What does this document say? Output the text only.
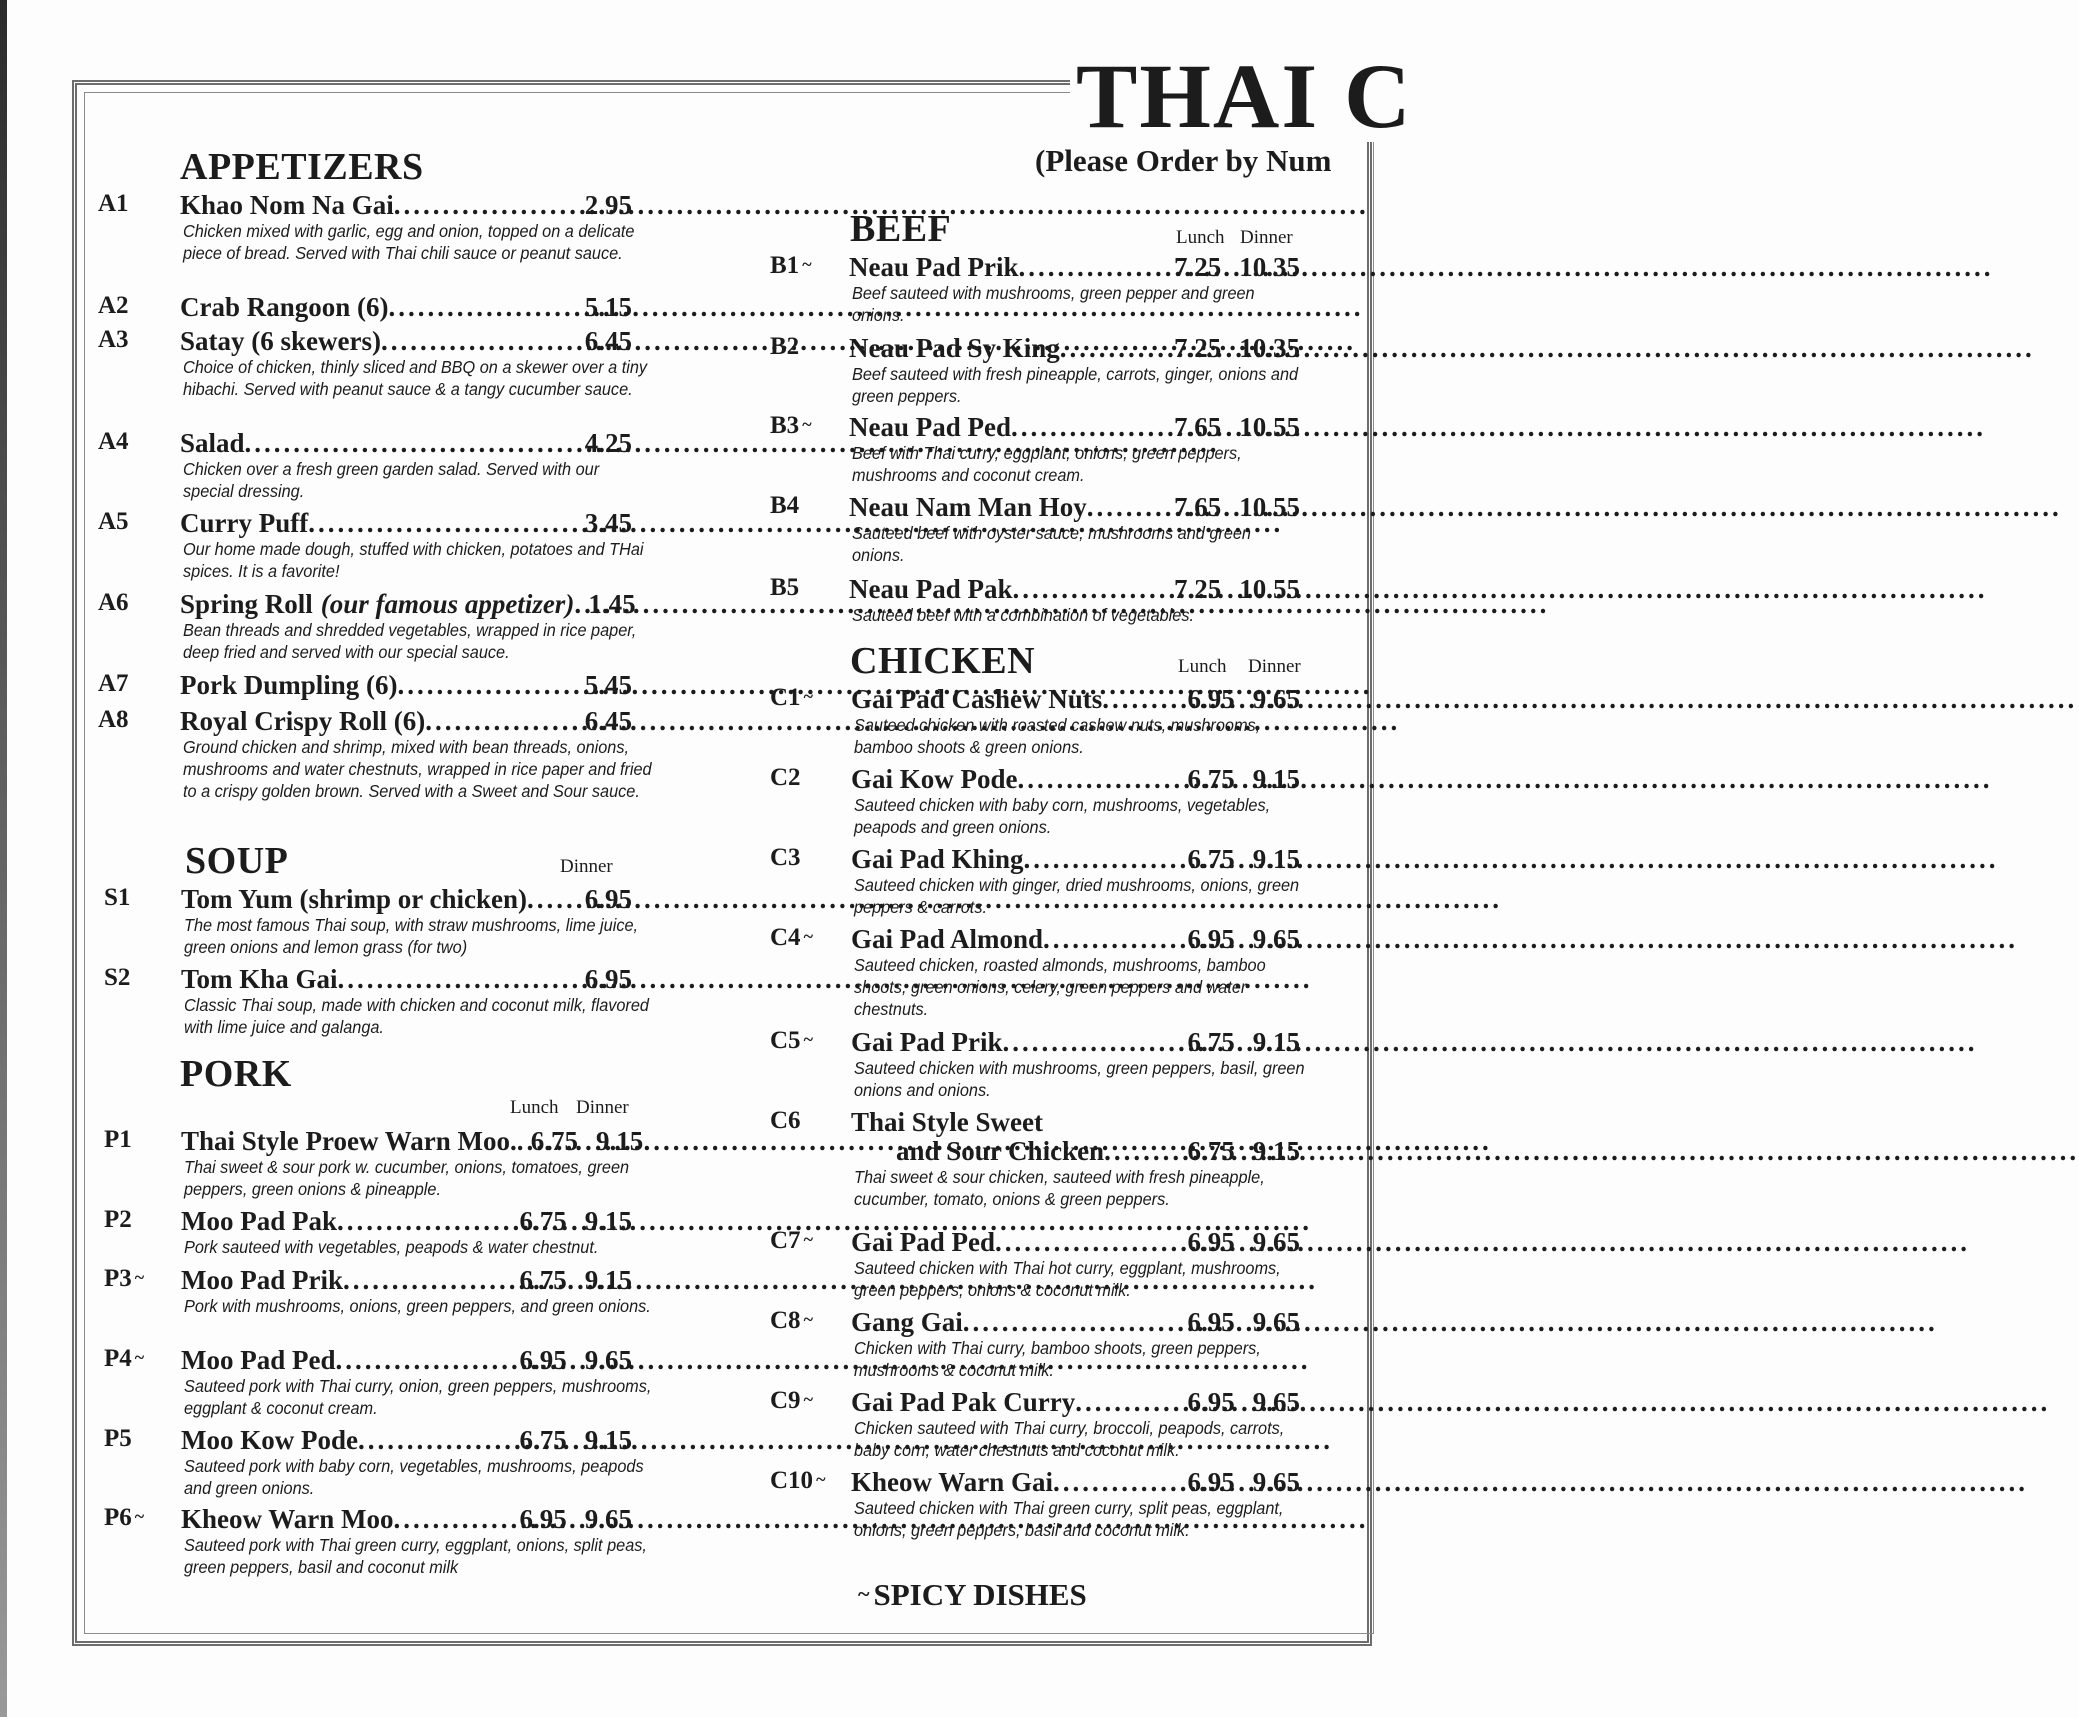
THAI C
(Please Order by Num
APPETIZERS
SOUP	Dinner
PORK
Lunch Dinner
BEEF	Lunch Dinner
CHICKEN	Lunch Dinner
A1 Khao Nom Na Gai .....	2.95
Chicken mixed with garlic, egg and onion, topped on a delicate piece of bread. Served with Thai chili sauce or peanut sauce.
A2 Crab Rangoon (6) .....	5.15
A3 Satay (6 skewers) .....	6.45
Choice of chicken, thinly sliced and BBQ on a skewer over a tiny hibachi. Served with peanut sauce & a tangy cucumber sauce.
A4 Salad .....	4.25
Chicken over a fresh green garden salad. Served with our special dressing.
A5 Curry Puff .....	3.45
Our home made dough, stuffed with chicken, potatoes and THai spices. It is a favorite!
A6 Spring Roll (our famous appetizer) ..... 1.45
Bean threads and shredded vegetables, wrapped in rice paper, deep fried and served with our special sauce.
A7 Pork Dumpling (6) .....	5.45
A8 Royal Crispy Roll (6) .....	6.45
Ground chicken and shrimp, mixed with bean threads, onions, mushrooms and water chestnuts, wrapped in rice paper and fried to a crispy golden brown. Served with a Sweet and Sour sauce.
S1 Tom Yum (shrimp or chicken) ..... 6.95
The most famous Thai soup, with straw mushrooms, lime juice, green onions and lemon grass (for two)
S2 Tom Kha Gai .....	6.95
Classic Thai soup, made with chicken and coconut milk, flavored with lime juice and galanga.
P1 Thai Style Proew Warn Moo. ..... 6.75 9.15
Thai sweet & sour pork w. cucumber, onions, tomatoes, green peppers, green onions & pineapple.
P2 Moo Pad Pak .....	6.75 9.15
Pork sauteed with vegetables, peapods & water chestnut.
P3 ~ Moo Pad Prik .....	6.75 9.15
Pork with mushrooms, onions, green peppers, and green onions.
P4 ~ Moo Pad Ped .....	6.95 9.65
Sauteed pork with Thai curry, onion, green peppers, mushrooms, eggplant & coconut cream.
P5 Moo Kow Pode .....	6.75 9.15
Sauteed pork with baby corn, vegetables, mushrooms, peapods and green onions.
P6 ~ Kheow Warn Moo .....	6.95 9.65
Sauteed pork with Thai green curry, eggplant, onions, split peas, green peppers, basil and coconut milk
B1 ~ Neau Pad Prik .....	7.25 10.35
Beef sauteed with mushrooms, green pepper and green onions.
B2 Neau Pad Sy King .....	7.25 10.35
Beef sauteed with fresh pineapple, carrots, ginger, onions and green peppers.
B3 ~ Neau Pad Ped .....	7.65 10.55
Beef with Thai curry, eggplant, onions, green peppers, mushrooms and coconut cream.
B4 Neau Nam Man Hoy .....	7.65 10.55
Sauteed beef with oyster sauce, mushrooms and green onions.
B5 Neau Pad Pak .....	7.25 10.55
Sauteed beef with a combination of vegetables.
C1 ~ Gai Pad Cashew Nuts .....	6.95 9.65
Sauteed chicken with roasted cashew nuts, mushrooms, bamboo shoots & green onions.
C2 Gai Kow Pode .....	6.75 9.15
Sauteed chicken with baby corn, mushrooms, vegetables, peapods and green onions.
C3 Gai Pad Khing .....	6.75 9.15
Sauteed chicken with ginger, dried mushrooms, onions, green peppers & carrots.
C4 ~ Gai Pad Almond .....	6.95 9.65
Sauteed chicken, roasted almonds, mushrooms, bamboo shoots, green onions, celery, green peppers and water chestnuts.
C5 ~ Gai Pad Prik .....	6.75 9.15
Sauteed chicken with mushrooms, green peppers, basil, green onions and onions.
C6 Thai Style Sweet
and Sour Chicken .....	6.75 9.15
Thai sweet & sour chicken, sauteed with fresh pineapple, cucumber, tomato, onions & green peppers.
C7 ~ Gai Pad Ped .....	6.95 9.65
Sauteed chicken with Thai hot curry, eggplant, mushrooms, green peppers, onions & coconut milk.
C8 ~ Gang Gai .....	6.95 9.65
Chicken with Thai curry, bamboo shoots, green peppers, mushrooms & coconut milk.
C9 ~ Gai Pad Pak Curry .....	6.95 9.65
Chicken sauteed with Thai curry, broccoli, peapods, carrots, baby corn, water chestnuts and coconut milk.
C10 ~ Kheow Warn Gai .....	6.95 9.65
Sauteed chicken with Thai green curry, split peas, eggplant, onions, green peppers, basil and coconut milk.
~ SPICY DISHES
